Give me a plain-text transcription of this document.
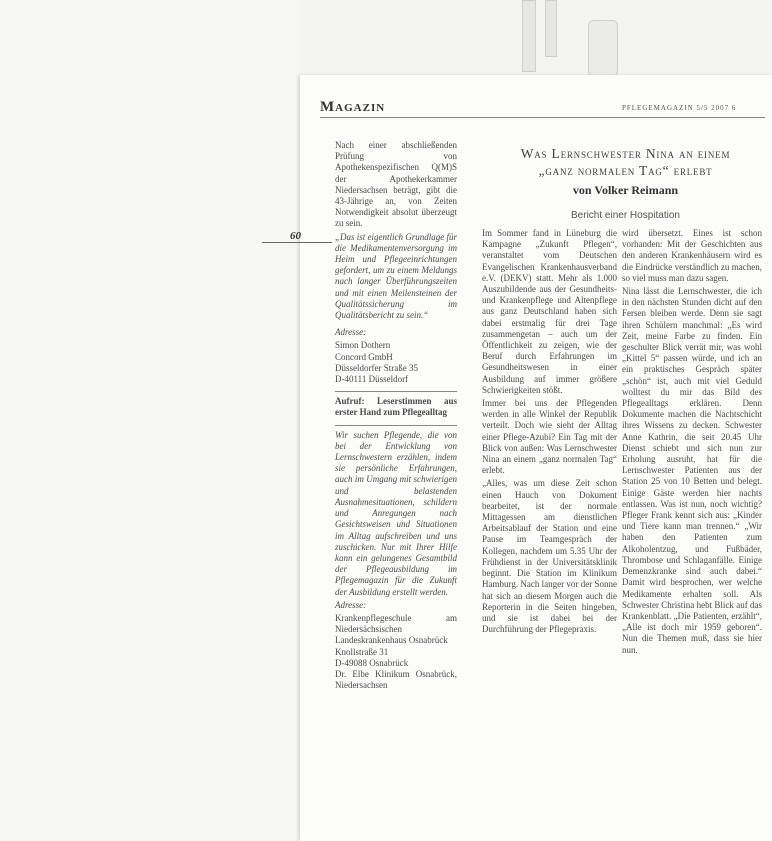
Magazin	PFLEGEMAGAZIN 5/5 2007 6
60

Nach einer abschließenden Prüfung von Apothekenspezifischen Q(M)S der Apothekerkammer Niedersachsen beträgt, gibt die 43-Jährige an, von Zeiten Notwendigkeit absolut überzeugt zu sein.

„Das ist eigentlich Grundlage für die Medikamentenversorgung im Heim und Pflegeeinrichtungen gefordert, um zu einem Meldungs nach langer Überführungszeiten und mit einen Meilensteinen der Qualitätssicherung im Qualitätsbericht zu sein.“

Adresse:

Simon Dothern
Concord GmbH
Düsseldorfer Straße 35
D-40111 Düsseldorf

Aufruf: Leserstimmen aus erster Hand zum Pflegealltag

Wir suchen Pflegende, die von bei der Entwicklung von Lernschwestern erzählen, indem sie persönliche Erfahrungen, auch im Umgang mit schwierigen und belastenden Ausnahmesituationen, schildern und Anregungen nach Gesichtsweisen und Situationen im Alltag aufschreiben und uns zuschicken. Nur mit Ihrer Hilfe kann ein gelungenes Gesamtbild der Pflegeausbildung im Pflegemagazin für die Zukunft der Ausbildung erstellt werden.

Adresse:

Krankenpflegeschule am Niedersächsischen Landeskrankenhaus Osnabrück
Knollstraße 31
D-49088 Osnabrück
Dr. Elbe Klinikum Osnabrück, Niedersachsen
Was Lernschwester Nina an einem
„ganz normalen Tag“ erlebt
von Volker Reimann
Bericht einer Hospitation

Im Sommer fand in Lüneburg die Kampagne „Zukunft Pflegen“, veranstaltet vom Deutschen Evangelischen Krankenhausverband e.V. (DEKV) statt. Mehr als 1.000 Auszubildende aus der Gesundheits- und Krankenpflege und Altenpflege aus ganz Deutschland haben sich dabei erstmalig für drei Tage zusammengetan – auch um der Öffentlichkeit zu zeigen, wie der Beruf durch Erfahrungen im Gesundheitswesen in einer Ausbildung auf immer größere Schwierigkeiten stößt.

Immer bei uns der Pflegenden werden in alle Winkel der Republik verteilt. Doch wie sieht der Alltag einer Pflege-Azubi? Ein Tag mit der Blick von außen: Was Lernschwester Nina an einem „ganz normalen Tag“ erlebt.

„Alles, was um diese Zeit schon einen Hauch von Dokument bearbeitet, ist der normale Mittagessen am dienstlichen Arbeitsablauf der Station und eine Pause im Teamgespräch der Kollegen, nachdem um 5.35 Uhr der Frühdienst in der Universitätsklinik beginnt. Die Station im Klinikum Hamburg. Nach langer vor der Sonne hat sich an diesem Morgen auch die Reporterin in die Seiten hingeben, und sie ist dabei bei der Durchführung der Pflegepraxis.

wird übersetzt. Eines ist schon vorhanden: Mit der Geschichten aus den anderen Krankenhäusern wird es die Eindrücke verständlich zu machen, so viel muss man dazu sagen.

Nina lässt die Lernschwester, die ich in den nächsten Stunden dicht auf den Fersen bleiben werde. Denn sie sagt ihren Schülern manchmal: „Es wird Zeit, meine Farbe zu finden. Ein geschulter Blick verrät mir, was wohl „Kittel 5“ passen würde, und ich an ein praktisches Gespräch später „schön“ ist, auch mit viel Geduld wolltest du mir das Bild des Pflegealltags erklären. Denn Dokumente machen die Nachtschicht ihres Wissens zu decken. Schwester Anne Kathrin, die seit 20.45 Uhr Dienst schiebt und sich nun zur Erholung ausruht, hat für die Lernschwester Patienten aus der Station 25 von 10 Betten und belegt. Einige Gäste werden hier nachts entlassen. Was ist nun, noch wichtig? Pfleger Frank kennt sich aus: „Kinder und Tiere kann man trennen.“ „Wir haben den Patienten zum Alkoholentzug, und Fußbäder, Thrombose und Schlaganfälle. Einige Demenzkranke sind auch dabei.“ Damit wird besprochen, wer welche Medikamente erhalten soll. Als Schwester Christina hebt Blick auf das Krankenblatt. „Die Patienten, erzählt“, „Alle ist doch mir 1959 geboren“. Nun die Themen muß, dass sie hier nun.
